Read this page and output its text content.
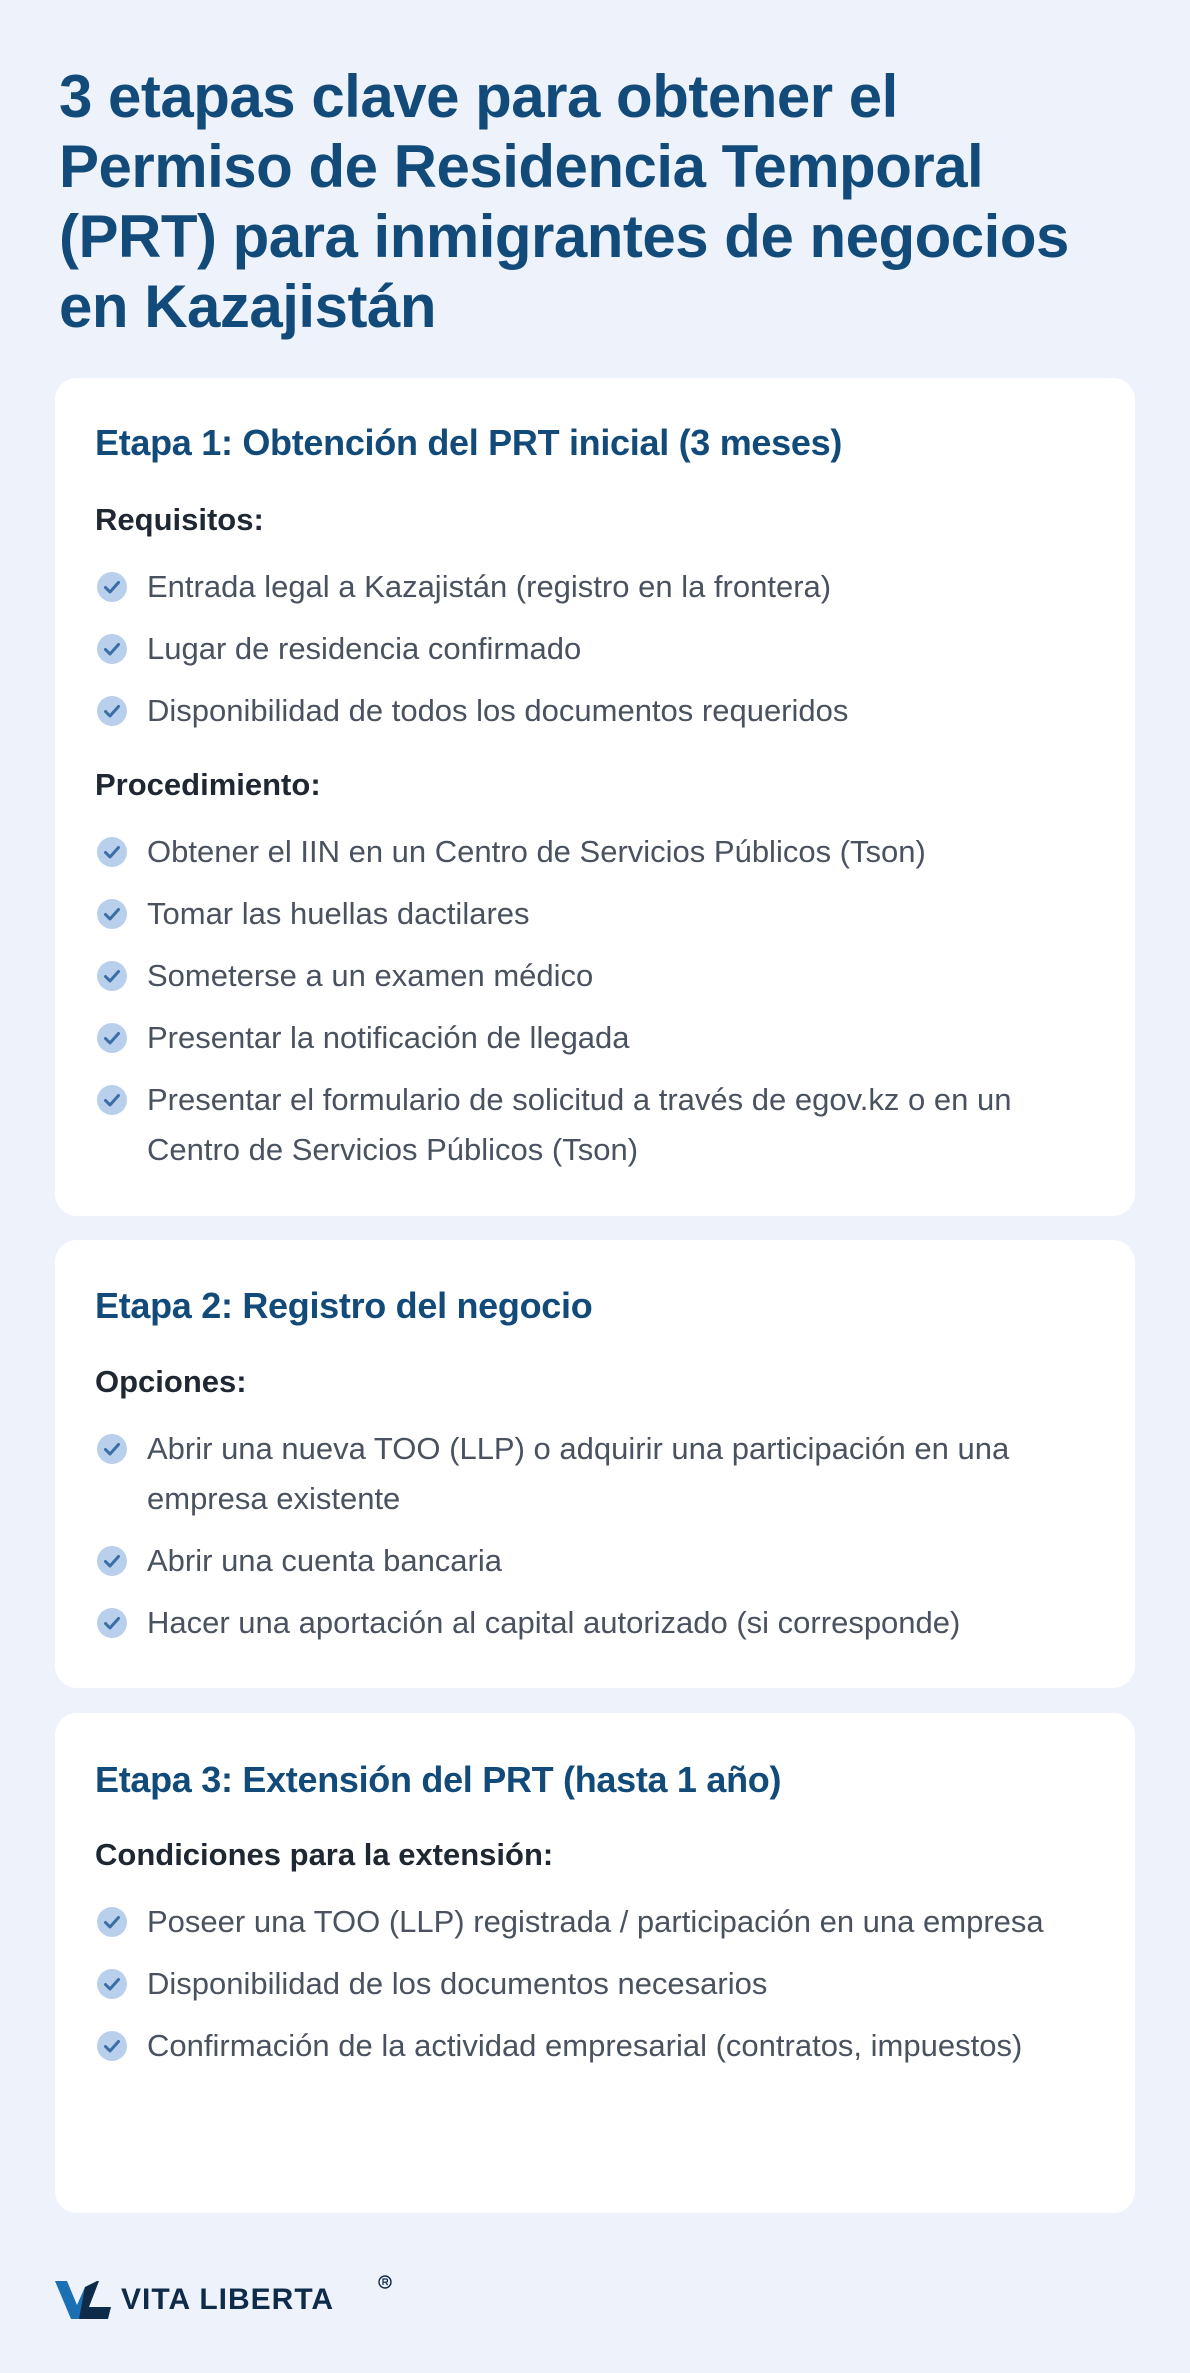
3 etapas clave para obtener el Permiso de Residencia Temporal (PRT) para inmigrantes de negocios en Kazajistán
Etapa 1: Obtención del PRT inicial (3 meses)
Requisitos:
Entrada legal a Kazajistán (registro en la frontera)
Lugar de residencia confirmado
Disponibilidad de todos los documentos requeridos
Procedimiento:
Obtener el IIN en un Centro de Servicios Públicos (Tson)
Tomar las huellas dactilares
Someterse a un examen médico
Presentar la notificación de llegada
Presentar el formulario de solicitud a través de egov.kz o en un Centro de Servicios Públicos (Tson)
Etapa 2: Registro del negocio
Opciones:
Abrir una nueva TOO (LLP) o adquirir una participación en una empresa existente
Abrir una cuenta bancaria
Hacer una aportación al capital autorizado (si corresponde)
Etapa 3: Extensión del PRT (hasta 1 año)
Condiciones para la extensión:
Poseer una TOO (LLP) registrada / participación en una empresa
Disponibilidad de los documentos necesarios
Confirmación de la actividad empresarial (contratos, impuestos)
VITA LIBERTA
